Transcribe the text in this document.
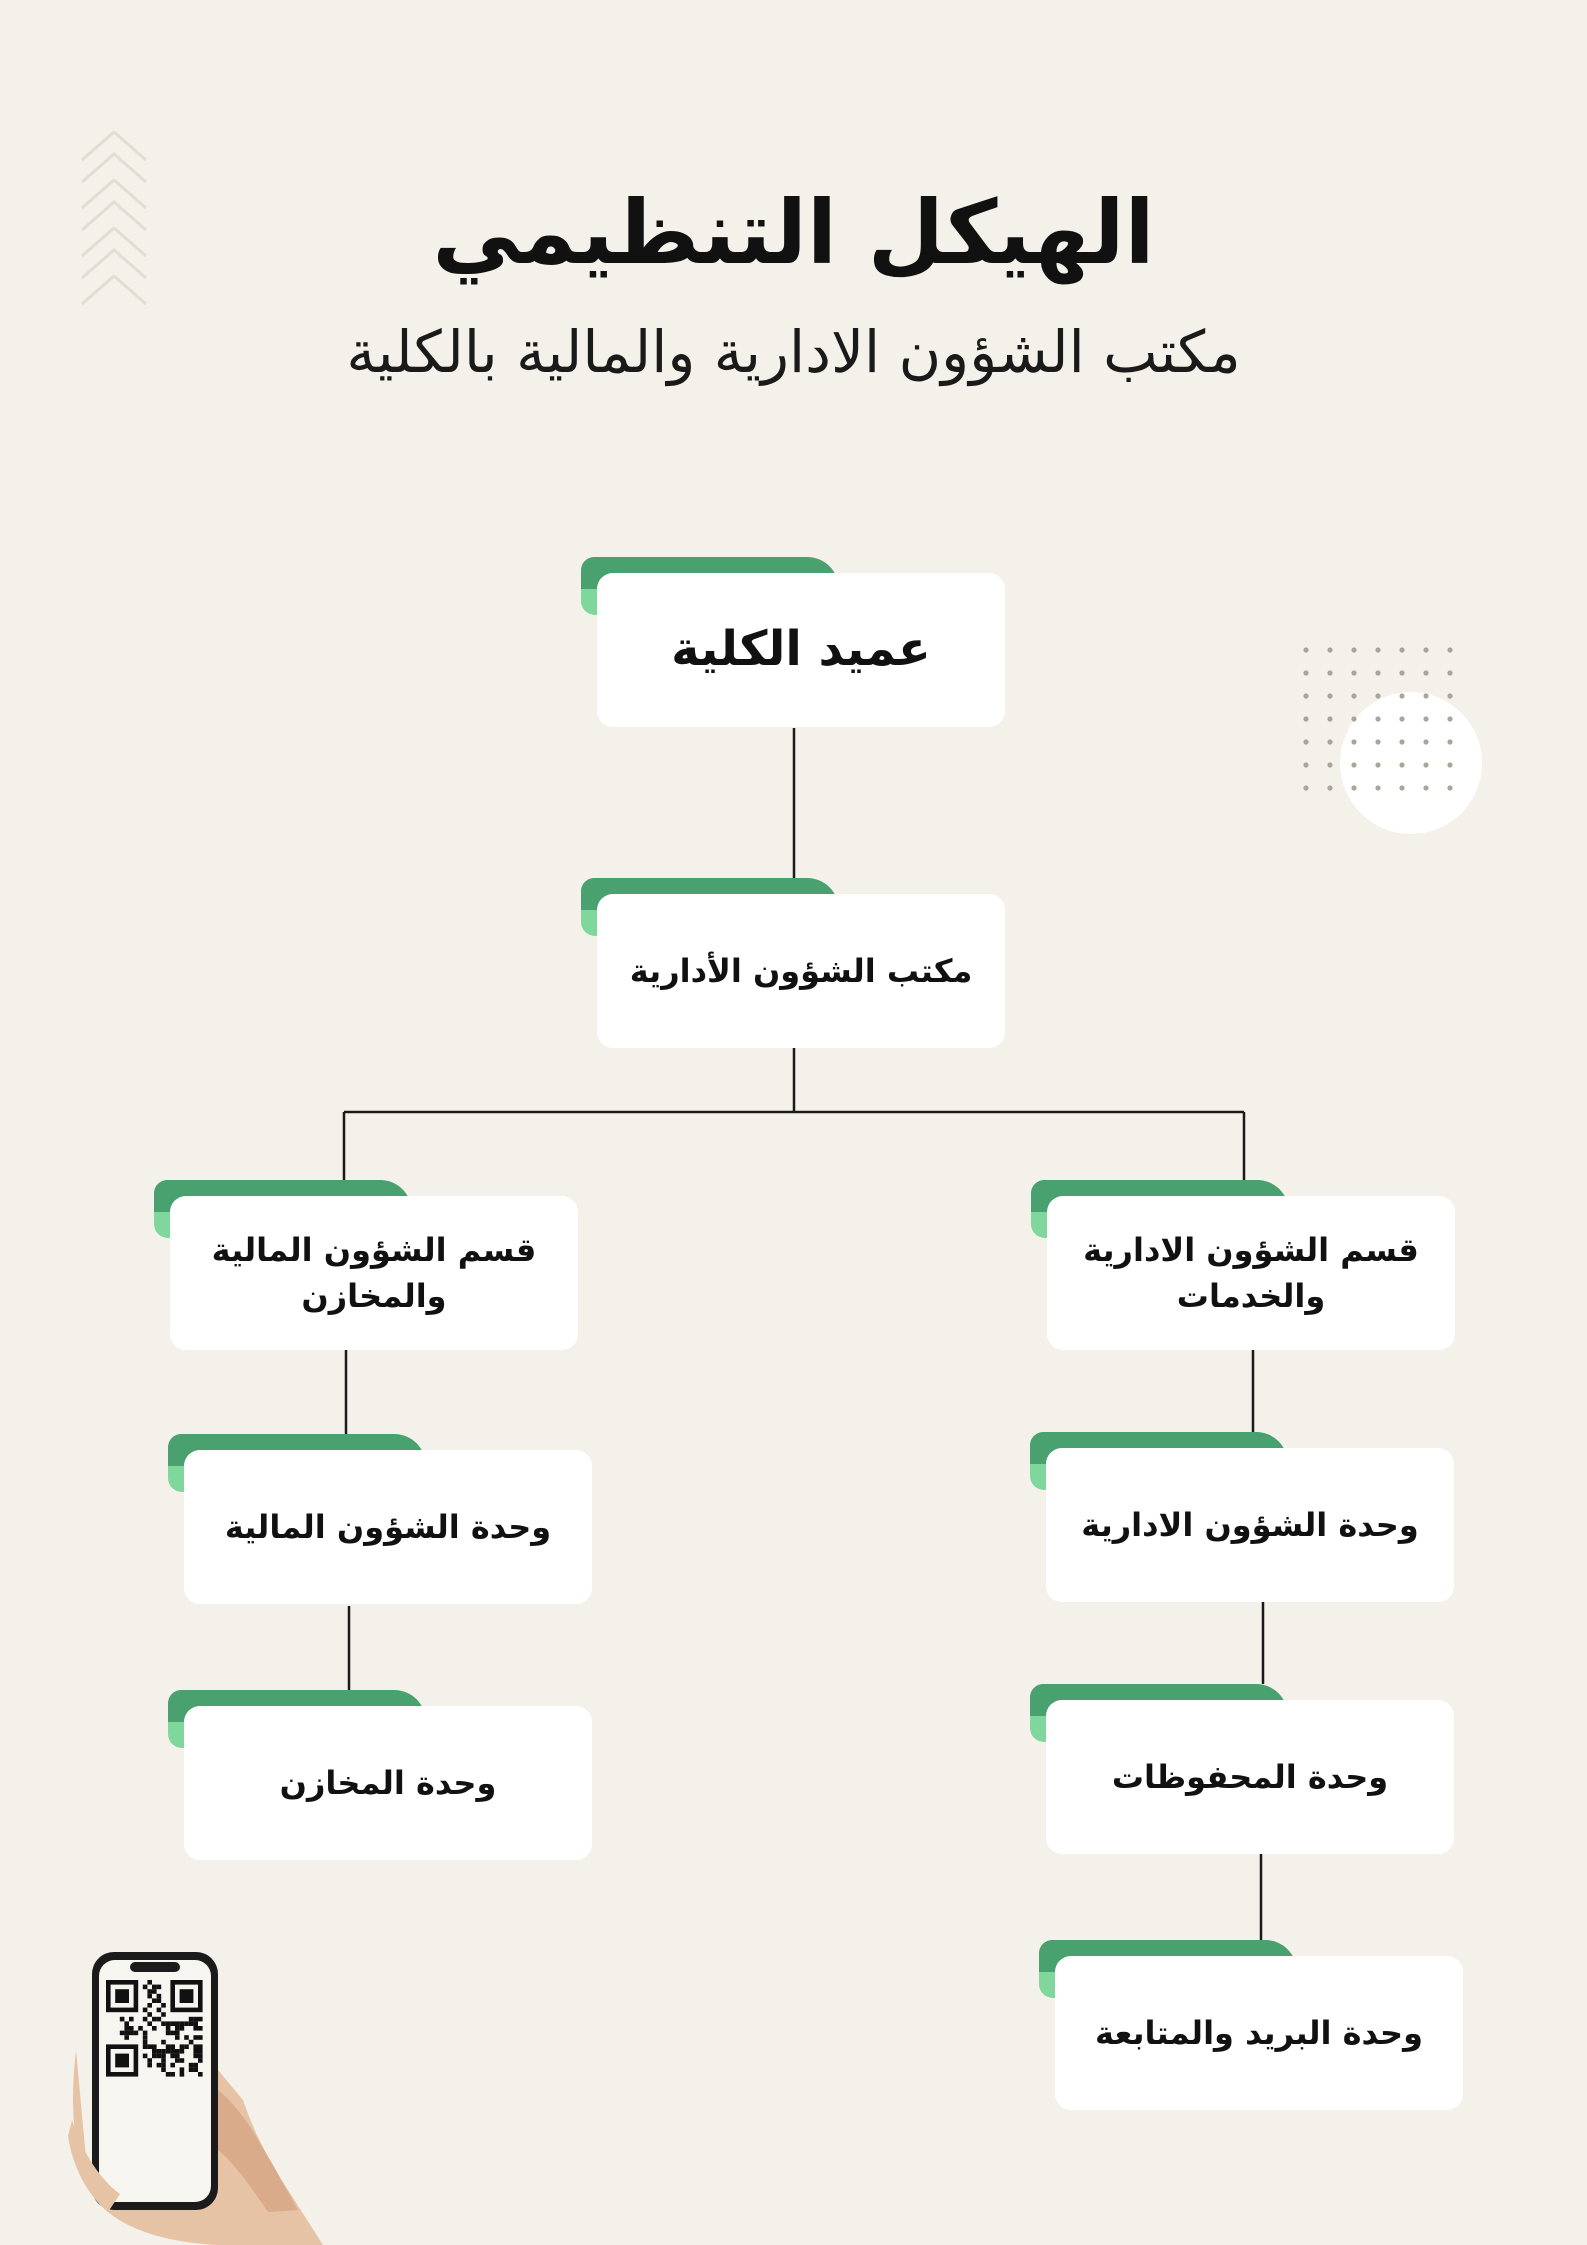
الهيكل التنظيمي
مكتب الشؤون الادارية والمالية بالكلية
عميد الكلية
مكتب الشؤون الأدارية
قسم الشؤون المالية والمخازن
قسم الشؤون الادارية والخدمات
وحدة الشؤون المالية
وحدة المخازن
وحدة الشؤون الادارية
وحدة المحفوظات
وحدة البريد والمتابعة
